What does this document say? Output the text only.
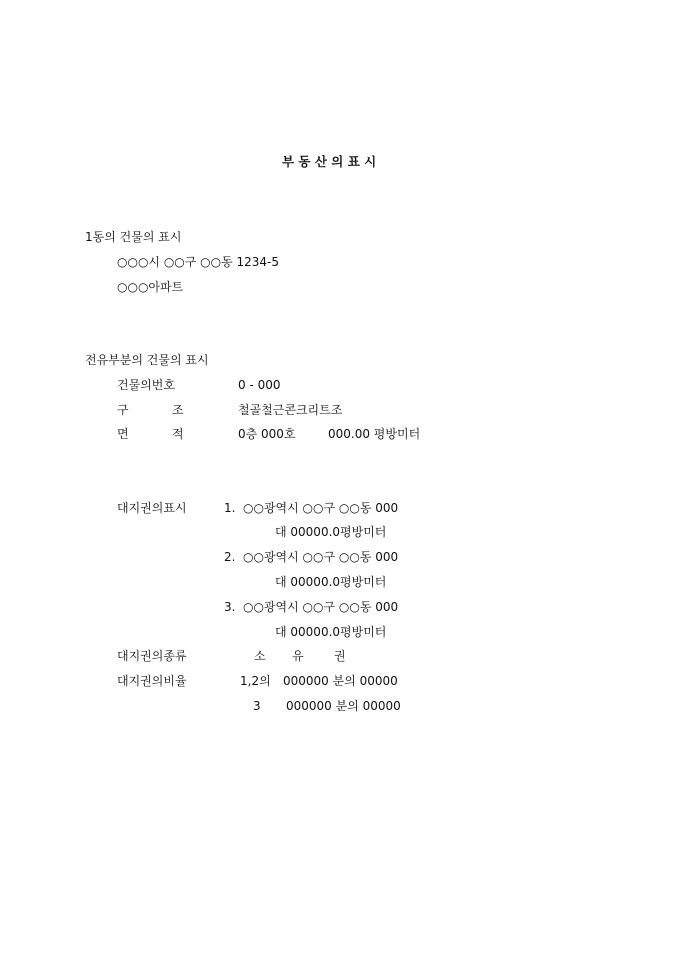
부 동 산 의 표 시
1동의 건물의 표시
○○○시 ○○구 ○○동 1234-5
○○○아파트
전유부분의 건물의 표시
건물의번호	0 - 000
구	조	철골철근콘크리트조
면	적	0층 000호	000.00 평방미터
대지권의표시	1. ○○광역시 ○○구 ○○동 000
대 00000.0평방미터
2. ○○광역시 ○○구 ○○동 000
대 00000.0평방미터
3. ○○광역시 ○○구 ○○동 000
대 00000.0평방미터
대지권의종류	소 유	권
대지권의비율	1,2의 000000 분의 00000
3 000000 분의 00000
